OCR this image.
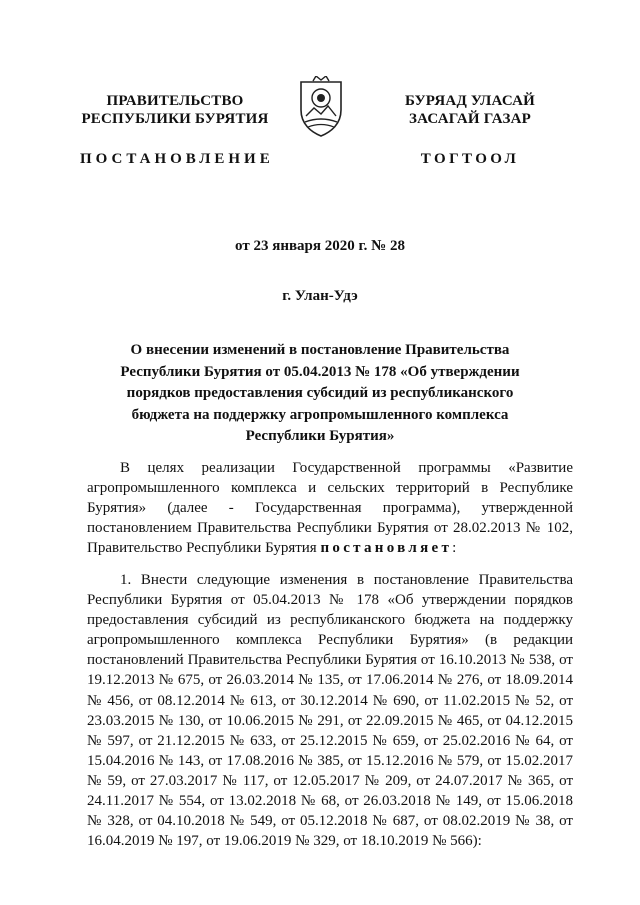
ПРАВИТЕЛЬСТВО
РЕСПУБЛИКИ БУРЯТИЯ
ПОСТАНОВЛЕНИЕ
БУРЯАД УЛАСАЙ
ЗАСАГАЙ ГАЗАР
ТОГТООЛ
от 23 января 2020 г. № 28
г. Улан-Удэ
О внесении изменений в постановление Правительства Республики Бурятия от 05.04.2013 № 178 «Об утверждении порядков предоставления субсидий из республиканского бюджета на поддержку агропромышленного комплекса Республики Бурятия»

В целях реализации Государственной программы «Развитие агропромышленного комплекса и сельских территорий в Республике Бурятия» (далее - Государственная программа), утвержденной постановлением Правительства Республики Бурятия от 28.02.2013 № 102, Правительство Республики Бурятия постановляет:

1. Внести следующие изменения в постановление Правительства Республики Бурятия от 05.04.2013 № 178 «Об утверждении порядков предоставления субсидий из республиканского бюджета на поддержку агропромышленного комплекса Республики Бурятия» (в редакции постановлений Правительства Республики Бурятия от 16.10.2013 № 538, от 19.12.2013 № 675, от 26.03.2014 № 135, от 17.06.2014 № 276, от 18.09.2014 № 456, от 08.12.2014 № 613, от 30.12.2014 № 690, от 11.02.2015 № 52, от 23.03.2015 № 130, от 10.06.2015 № 291, от 22.09.2015 № 465, от 04.12.2015 № 597, от 21.12.2015 № 633, от 25.12.2015 № 659, от 25.02.2016 № 64, от 15.04.2016 № 143, от 17.08.2016 № 385, от 15.12.2016 № 579, от 15.02.2017 № 59, от 27.03.2017 № 117, от 12.05.2017 № 209, от 24.07.2017 № 365, от 24.11.2017 № 554, от 13.02.2018 № 68, от 26.03.2018 № 149, от 15.06.2018 № 328, от 04.10.2018 № 549, от 05.12.2018 № 687, от 08.02.2019 № 38, от 16.04.2019 № 197, от 19.06.2019 № 329, от 18.10.2019 № 566):
